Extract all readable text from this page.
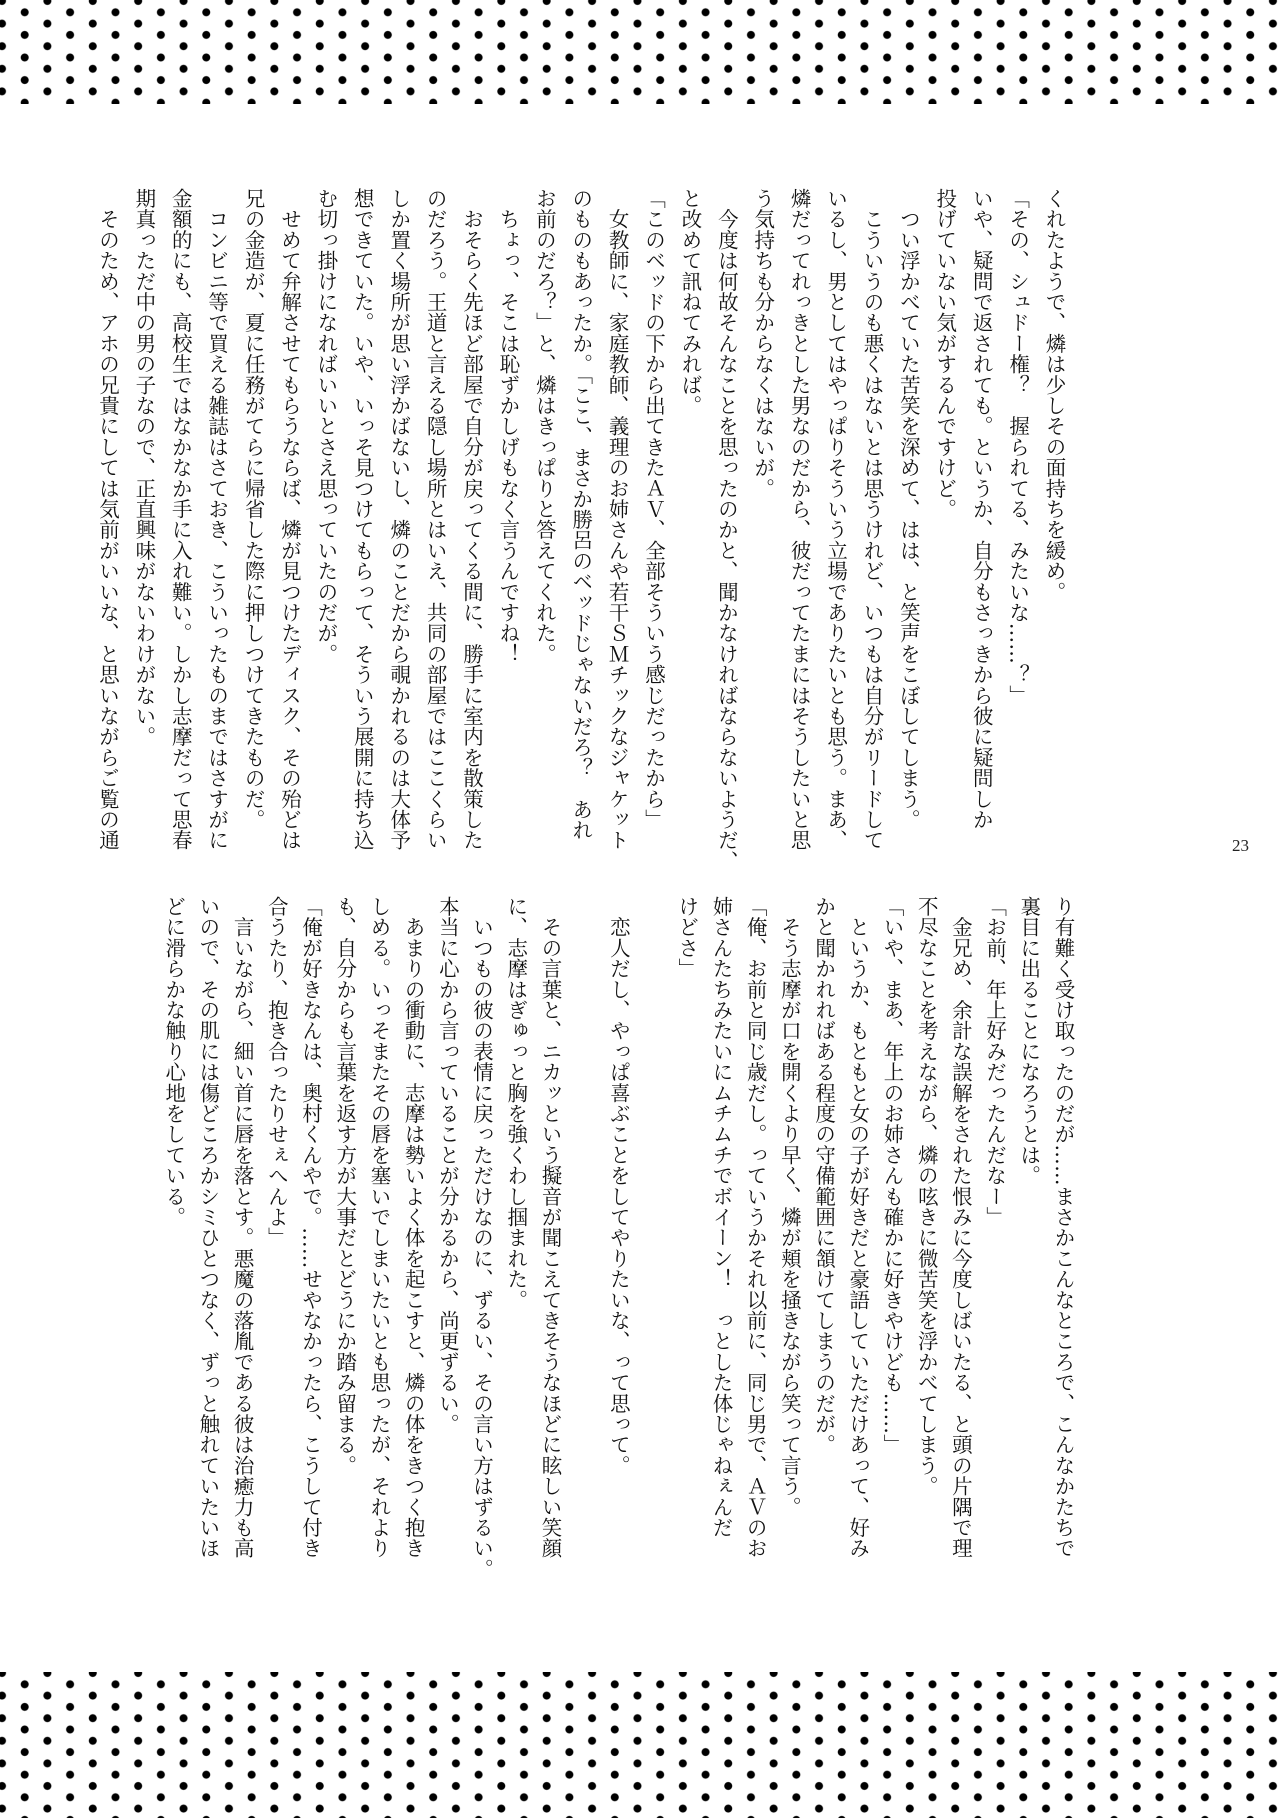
くれたようで、燐は少しその面持ちを緩め。
「その、シュドー権？　握られてる、みたいな……？」
いや、疑問で返されても。というか、自分もさっきから彼に疑問しか
投げていない気がするんですけど。
　つい浮かべていた苦笑を深めて、はは、と笑声をこぼしてしまう。
　こういうのも悪くはないとは思うけれど、いつもは自分がリードして
いるし、男としてはやっぱりそういう立場でありたいとも思う。まあ、
燐だってれっきとした男なのだから、彼だってたまにはそうしたいと思
う気持ちも分からなくはないが。
　今度は何故そんなことを思ったのかと、聞かなければならないようだ、
と改めて訊ねてみれば。
「このベッドの下から出てきたＡＶ、全部そういう感じだったから」
　女教師に、家庭教師、義理のお姉さんや若干ＳＭチックなジャケット
のものもあったか。「ここ、まさか勝呂のベッドじゃないだろ？　あれ
お前のだろ？」と、燐はきっぱりと答えてくれた。
　ちょっ、そこは恥ずかしげもなく言うんですね！
　おそらく先ほど部屋で自分が戻ってくる間に、勝手に室内を散策した
のだろう。王道と言える隠し場所とはいえ、共同の部屋ではここくらい
しか置く場所が思い浮かばないし、燐のことだから覗かれるのは大体予
想できていた。いや、いっそ見つけてもらって、そういう展開に持ち込
む切っ掛けになればいいとさえ思っていたのだが。
　せめて弁解させてもらうならば、燐が見つけたディスク、その殆どは
兄の金造が、夏に任務がてらに帰省した際に押しつけてきたものだ。
　コンビニ等で買える雑誌はさておき、こういったものまではさすがに
金額的にも、高校生ではなかなか手に入れ難い。しかし志摩だって思春
期真っただ中の男の子なので、正直興味がないわけがない。
　そのため、アホの兄貴にしては気前がいいな、と思いながらご覧の通	23
り有難く受け取ったのだが……まさかこんなところで、こんなかたちで
裏目に出ることになろうとは。
「お前、年上好みだったんだなー」
　金兄め、余計な誤解をされた恨みに今度しばいたる、と頭の片隅で理
不尽なことを考えながら、燐の呟きに微苦笑を浮かべてしまう。
「いや、まあ、年上のお姉さんも確かに好きやけども……」
　というか、もともと女の子が好きだと豪語していただけあって、好み
かと聞かれればある程度の守備範囲に頷けてしまうのだが。
　そう志摩が口を開くより早く、燐が頬を掻きながら笑って言う。
「俺、お前と同じ歳だし。っていうかそれ以前に、同じ男で、ＡＶのお
姉さんたちみたいにムチムチでボイーン！　っとした体じゃねぇんだ
けどさ」
　恋人だし、やっぱ喜ぶことをしてやりたいな、って思って。
　その言葉と、ニカッという擬音が聞こえてきそうなほどに眩しい笑顔
に、志摩はぎゅっと胸を強くわし掴まれた。
　いつもの彼の表情に戻っただけなのに、ずるい、その言い方はずるい。
本当に心から言っていることが分かるから、尚更ずるい。
　あまりの衝動に、志摩は勢いよく体を起こすと、燐の体をきつく抱き
しめる。いっそまたその唇を塞いでしまいたいとも思ったが、それより
も、自分からも言葉を返す方が大事だとどうにか踏み留まる。
「俺が好きなんは、奥村くんやで。……せやなかったら、こうして付き
合うたり、抱き合ったりせぇへんよ」
　言いながら、細い首に唇を落とす。悪魔の落胤である彼は治癒力も高
いので、その肌には傷どころかシミひとつなく、ずっと触れていたいほ
どに滑らかな触り心地をしている。
